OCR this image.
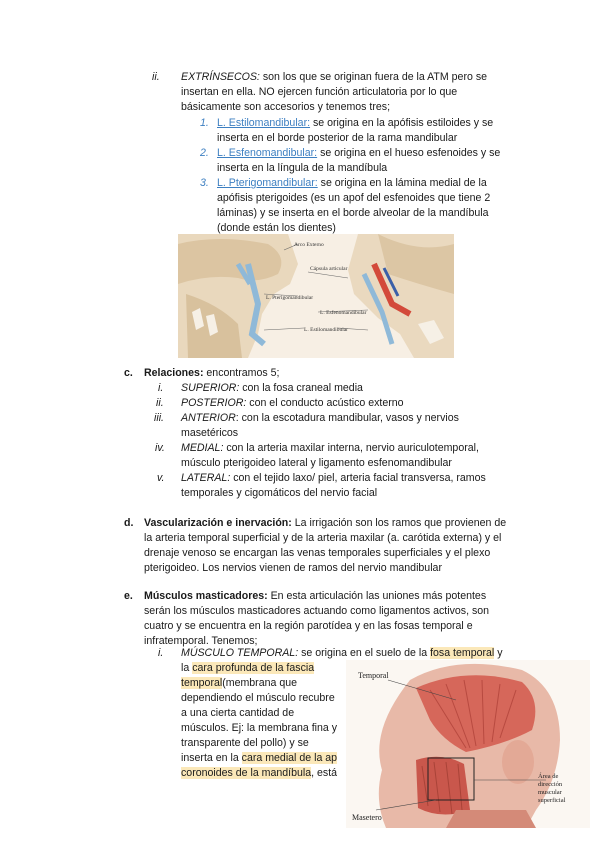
ii. EXTRÍNSECOS: son los que se originan fuera de la ATM pero se
insertan en ella. NO ejercen función articulatoria por lo que
básicamente son accesorios y tenemos tres;
1. L. Estilomandibular: se origina en la apófisis estiloides y se
inserta en el borde posterior de la rama mandibular
2. L. Esfenomandibular: se origina en el hueso esfenoides y se
inserta en la língula de la mandíbula
3. L. Pterigomandibular: se origina en la lámina medial de la
apófisis pterigoides (es un apof del esfenoides que tiene 2
láminas) y se inserta en el borde alveolar de la mandíbula
(donde están los dientes)
Arco Externo
Cápsula articular
L. Pterigomandibular
L. Esfenomandibular
L. Estilomandibular
c. Relaciones: encontramos 5;
i. SUPERIOR: con la fosa craneal media
ii. POSTERIOR: con el conducto acústico externo
iii. ANTERIOR: con la escotadura mandibular, vasos y nervios
masetéricos
iv. MEDIAL: con la arteria maxilar interna, nervio auriculotemporal,
músculo pterigoideo lateral y ligamento esfenomandibular
v. LATERAL: con el tejido laxo/ piel, arteria facial transversa, ramos
temporales y cigomáticos del nervio facial
d. Vascularización e inervación: La irrigación son los ramos que provienen de
la arteria temporal superficial y de la arteria maxilar (a. carótida externa) y el
drenaje venoso se encargan las venas temporales superficiales y el plexo
pterigoideo. Los nervios vienen de ramos del nervio mandibular
e. Músculos masticadores: En esta articulación las uniones más potentes
serán los músculos masticadores actuando como ligamentos activos, son
cuatro y se encuentra en la región parotídea y en las fosas temporal e
infratemporal. Tenemos;
i. MÚSCULO TEMPORAL: se origina en el suelo de la fosa temporal y
la cara profunda de la fascia
temporal(membrana que
dependiendo el músculo recubre
a una cierta cantidad de
músculos. Ej: la membrana fina y
transparente del pollo) y se
inserta en la cara medial de la ap
coronoides de la mandíbula, está
Temporal
Área de dirección muscular superficial
Masetero
